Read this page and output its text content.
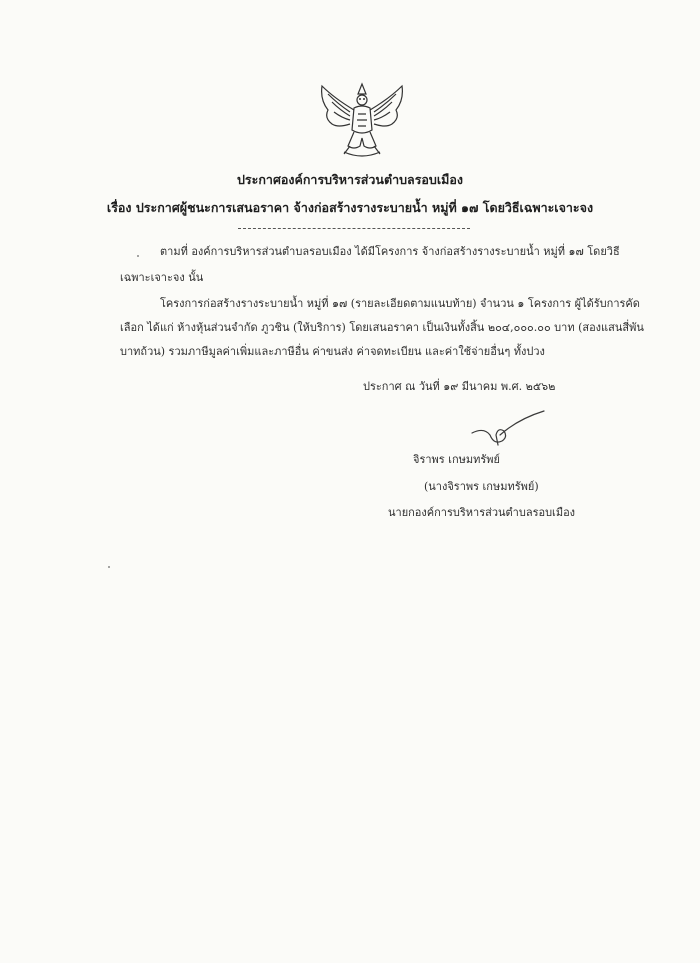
ประกาศองค์การบริหารส่วนตำบลรอบเมือง
เรื่อง ประกาศผู้ชนะการเสนอราคา จ้างก่อสร้างรางระบายน้ำ หมู่ที่ ๑๗ โดยวิธีเฉพาะเจาะจง
ตามที่ องค์การบริหารส่วนตำบลรอบเมือง ได้มีโครงการ จ้างก่อสร้างรางระบายน้ำ หมู่ที่ ๑๗ โดยวิธี
เฉพาะเจาะจง นั้น
โครงการก่อสร้างรางระบายน้ำ หมู่ที่ ๑๗ (รายละเอียดตามแนบท้าย) จำนวน ๑ โครงการ ผู้ได้รับการคัด
เลือก ได้แก่ ห้างหุ้นส่วนจำกัด ภูวชิน (ให้บริการ) โดยเสนอราคา เป็นเงินทั้งสิ้น ๒๐๔,๐๐๐.๐๐ บาท (สองแสนสี่พัน
บาทถ้วน) รวมภาษีมูลค่าเพิ่มและภาษีอื่น ค่าขนส่ง ค่าจดทะเบียน และค่าใช้จ่ายอื่นๆ ทั้งปวง
ประกาศ ณ วันที่ ๑๙ มีนาคม พ.ศ. ๒๕๖๒
จิราพร เกษมทรัพย์
(นางจิราพร เกษมทรัพย์)
นายกองค์การบริหารส่วนตำบลรอบเมือง
